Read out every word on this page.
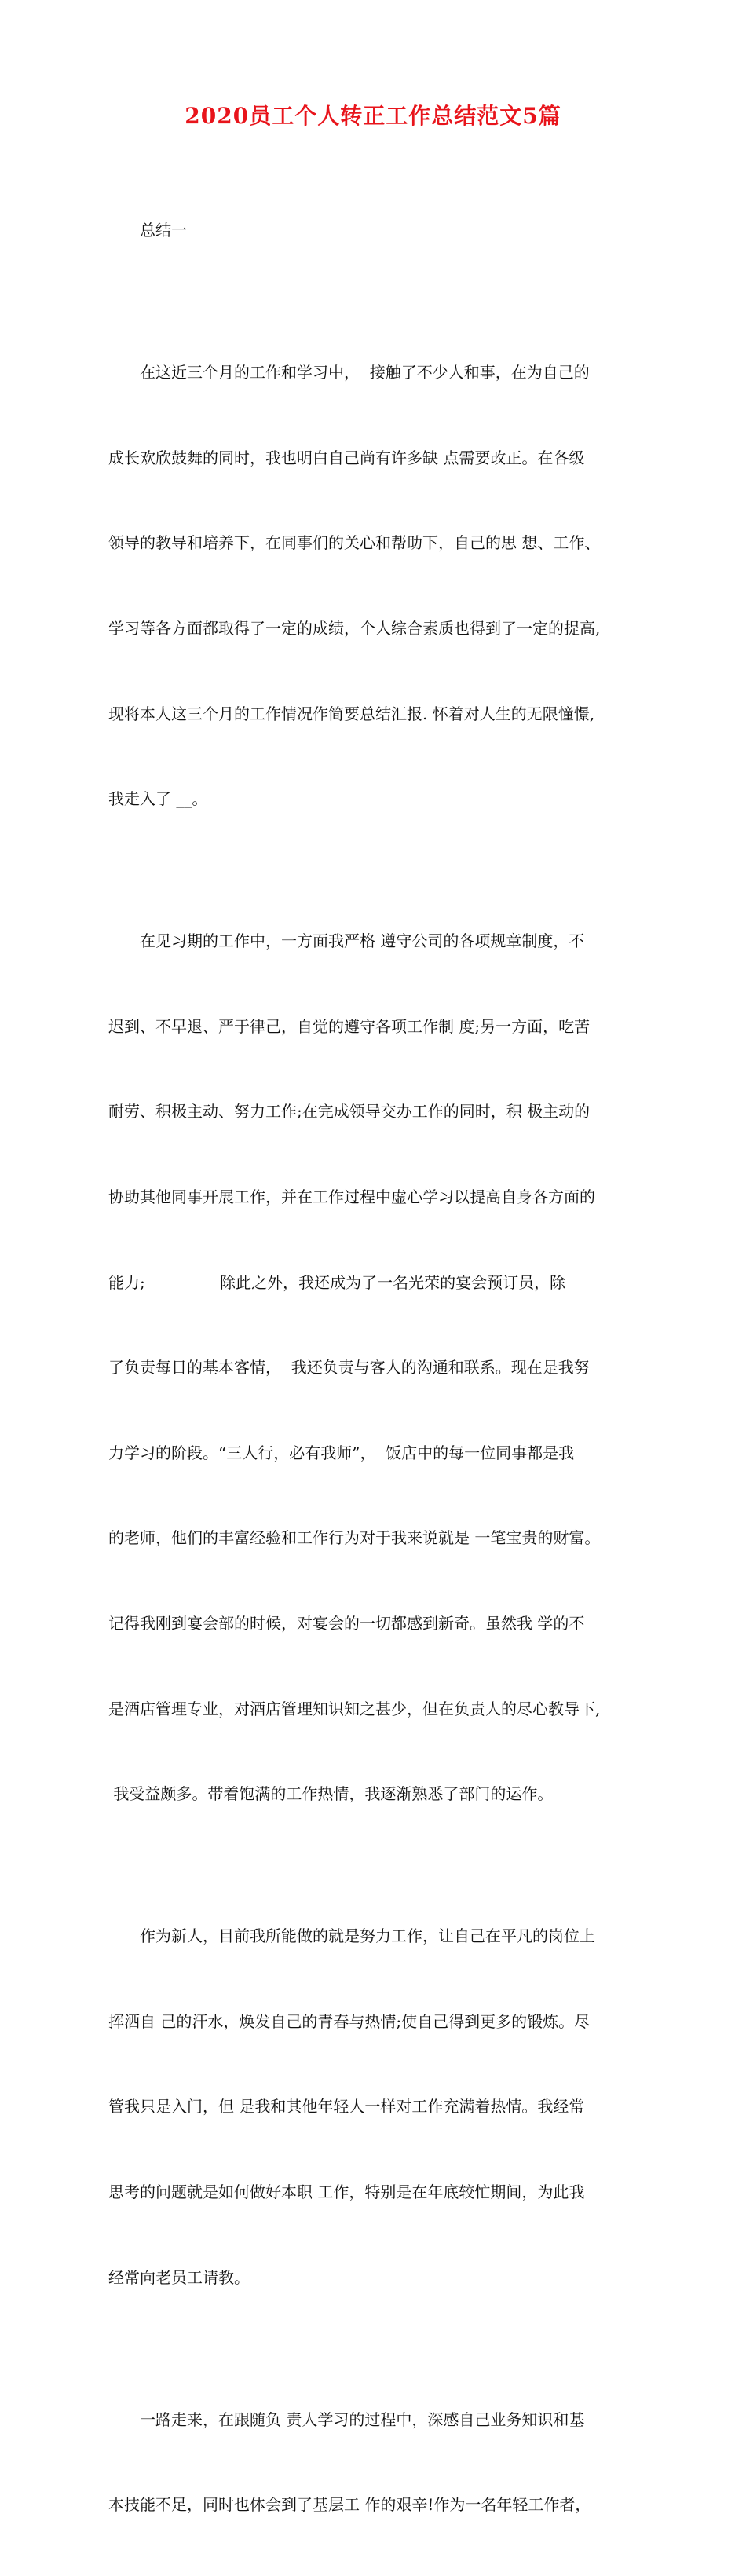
2020员工个人转正工作总结范文5篇

总结一

在这近三个月的工作和学习中，  接触了不少人和事，在为自己的

成长欢欣鼓舞的同时，我也明白自己尚有许多缺 点需要改正。在各级

领导的教导和培养下，在同事们的关心和帮助下，自己的思 想、工作、

学习等各方面都取得了一定的成绩，个人综合素质也得到了一定的提高,

现将本人这三个月的工作情况作简要总结汇报. 怀着对人生的无限憧憬,

我走入了 __。

在见习期的工作中，一方面我严格 遵守公司的各项规章制度，不

迟到、不早退、严于律己，自觉的遵守各项工作制 度;另一方面，吃苦

耐劳、积极主动、努力工作;在完成领导交办工作的同时，积 极主动的

协助其他同事开展工作，并在工作过程中虚心学习以提高自身各方面的

能力;               除此之外，我还成为了一名光荣的宴会预订员，除

了负责每日的基本客情，  我还负责与客人的沟通和联系。现在是我努

力学习的阶段。“三人行，必有我师”，  饭店中的每一位同事都是我

的老师，他们的丰富经验和工作行为对于我来说就是 一笔宝贵的财富。

记得我刚到宴会部的时候，对宴会的一切都感到新奇。虽然我 学的不

是酒店管理专业，对酒店管理知识知之甚少，但在负责人的尽心教导下,

我受益颇多。带着饱满的工作热情，我逐渐熟悉了部门的运作。

作为新人，目前我所能做的就是努力工作，让自己在平凡的岗位上

挥洒自 己的汗水，焕发自己的青春与热情;使自己得到更多的锻炼。尽

管我只是入门，但 是我和其他年轻人一样对工作充满着热情。我经常

思考的问题就是如何做好本职 工作，特别是在年底较忙期间，为此我

经常向老员工请教。

一路走来，在跟随负 责人学习的过程中，深感自己业务知识和基

本技能不足，同时也体会到了基层工 作的艰辛!作为一名年轻工作者，
